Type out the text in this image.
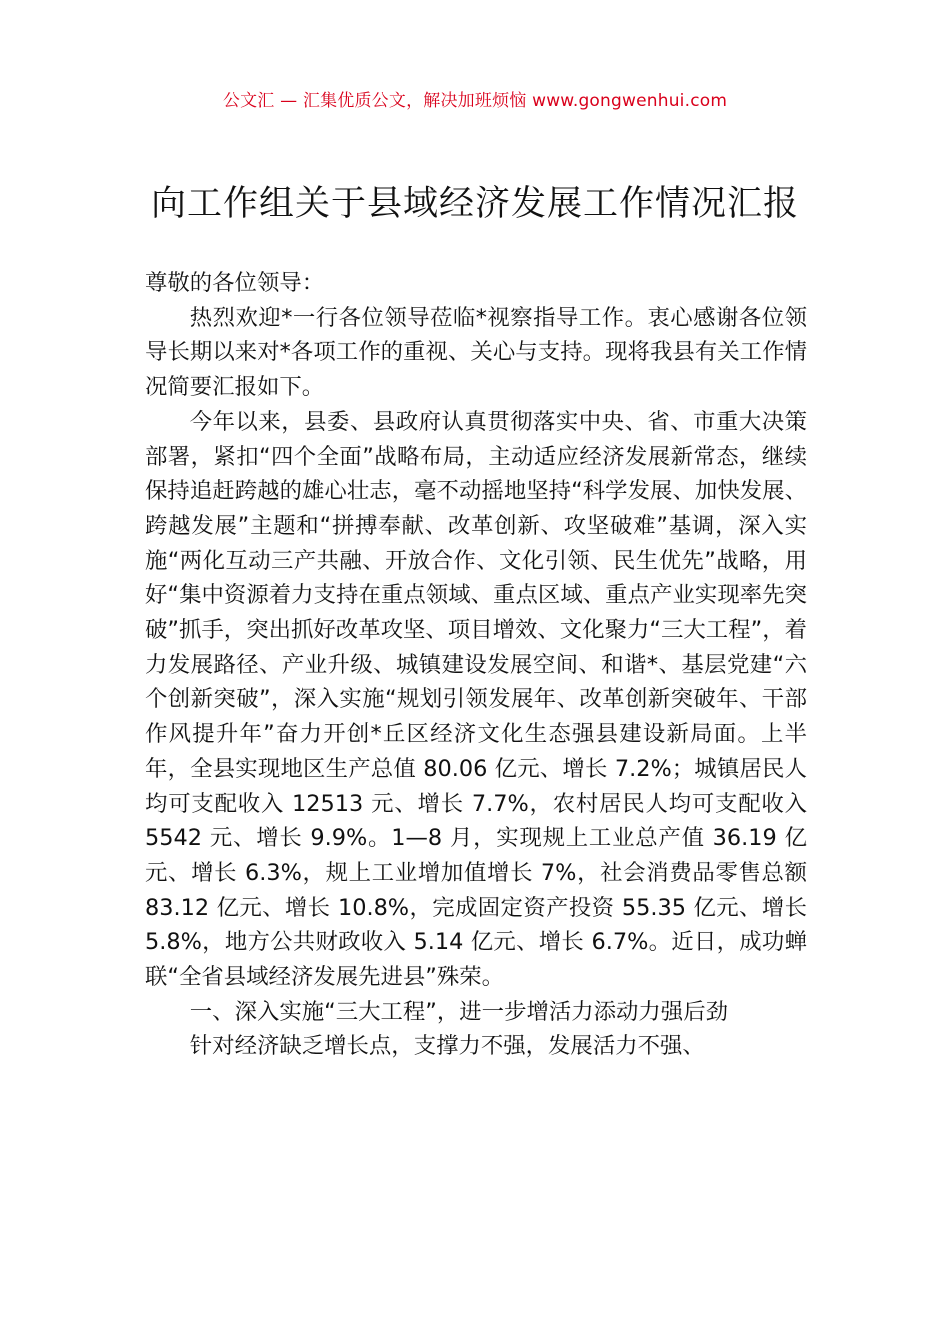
公文汇 — 汇集优质公文，解决加班烦恼 www.gongwenhui.com
向工作组关于县域经济发展工作情况汇报

尊敬的各位领导：

热烈欢迎*一行各位领导莅临*视察指导工作。衷心感谢各位领导长期以来对*各项工作的重视、关心与支持。现将我县有关工作情况简要汇报如下。

今年以来，县委、县政府认真贯彻落实中央、省、市重大决策部署，紧扣“四个全面”战略布局，主动适应经济发展新常态，继续保持追赶跨越的雄心壮志，毫不动摇地坚持“科学发展、加快发展、跨越发展”主题和“拼搏奉献、改革创新、攻坚破难”基调，深入实施“两化互动三产共融、开放合作、文化引领、民生优先”战略，用好“集中资源着力支持在重点领域、重点区域、重点产业实现率先突破”抓手，突出抓好改革攻坚、项目增效、文化聚力“三大工程”，着力发展路径、产业升级、城镇建设发展空间、和谐*、基层党建“六个创新突破”，深入实施“规划引领发展年、改革创新突破年、干部作风提升年”奋力开创*丘区经济文化生态强县建设新局面。上半年，全县实现地区生产总值 80.06 亿元、增长 7.2%；城镇居民人均可支配收入 12513 元、增长 7.7%，农村居民人均可支配收入 5542 元、增长 9.9%。1—8 月，实现规上工业总产值 36.19 亿元、增长 6.3%，规上工业增加值增长 7%，社会消费品零售总额 83.12 亿元、增长 10.8%，完成固定资产投资 55.35 亿元、增长 5.8%，地方公共财政收入 5.14 亿元、增长 6.7%。近日，成功蝉联“全省县域经济发展先进县”殊荣。

一、深入实施“三大工程”，进一步增活力添动力强后劲

针对经济缺乏增长点，支撑力不强，发展活力不强、
